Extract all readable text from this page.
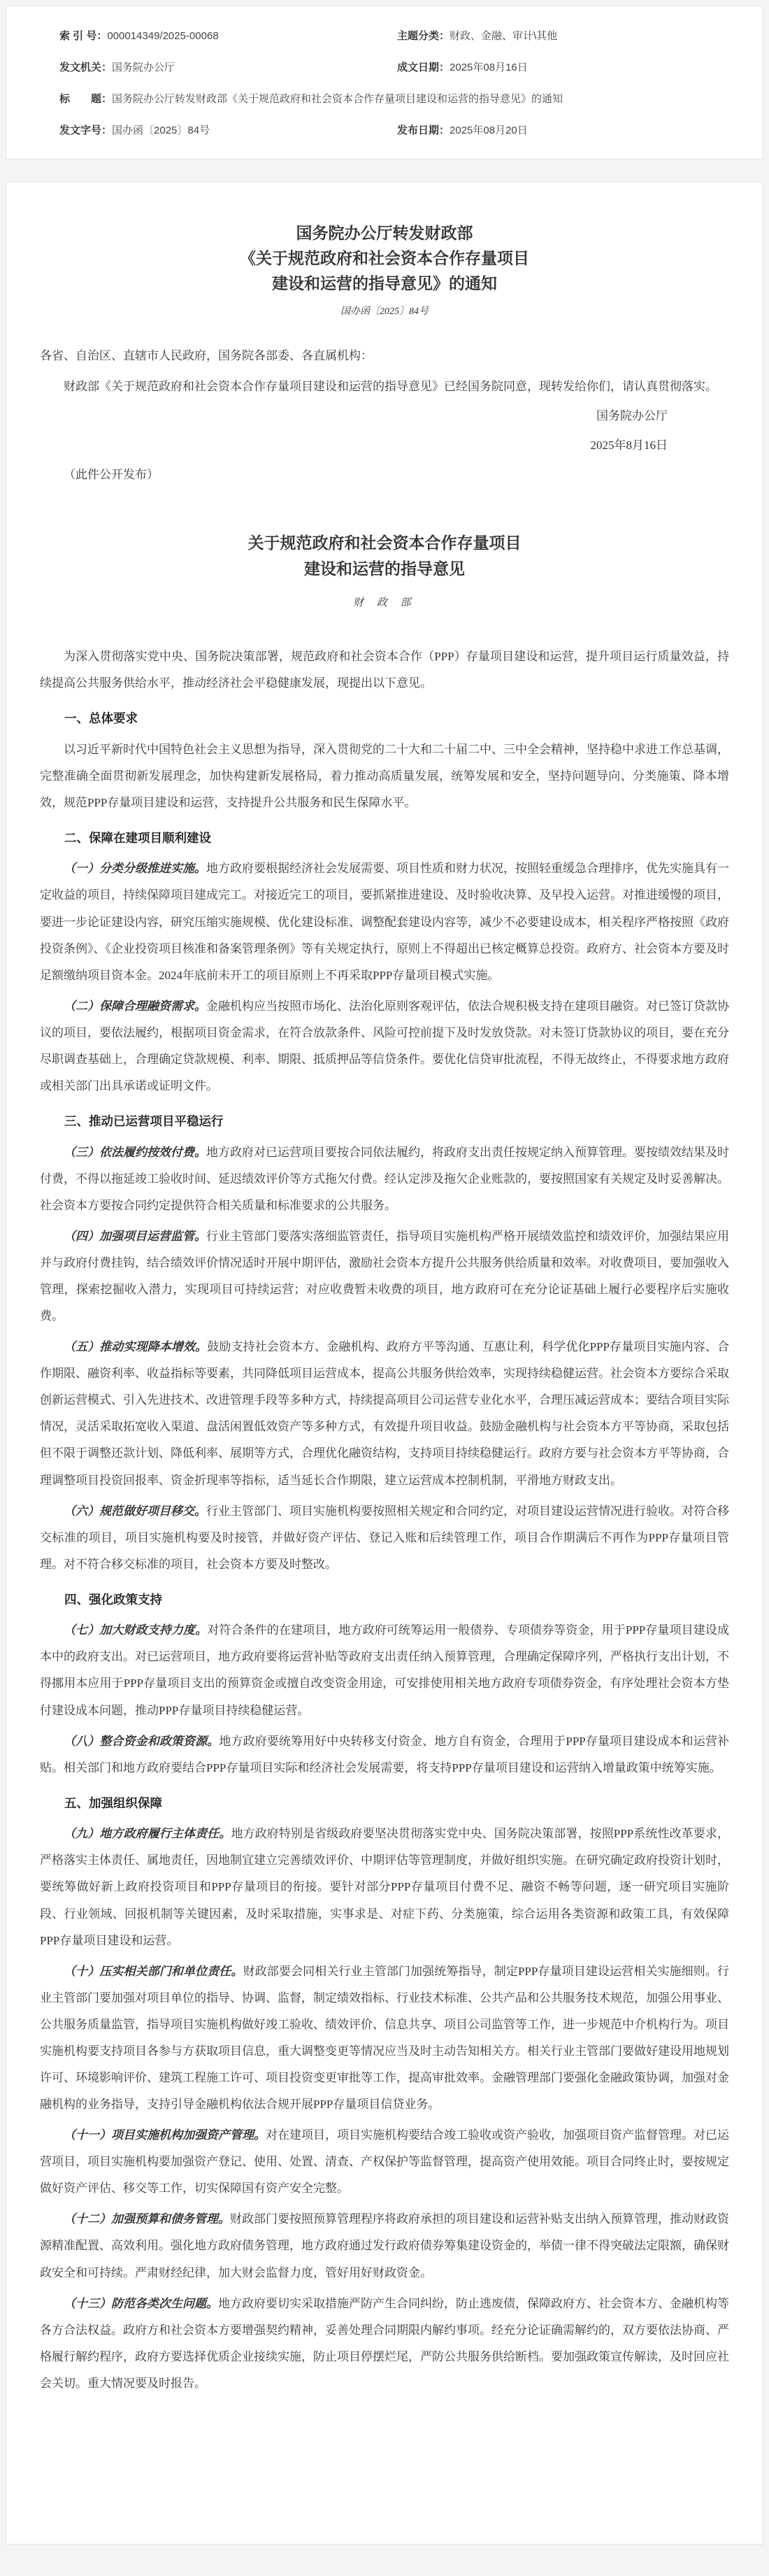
索 引 号： 000014349/2025-00068	主题分类： 财政、金融、审计\其他
发文机关： 国务院办公厅	成文日期： 2025年08月16日
标　　题： 国务院办公厅转发财政部《关于规范政府和社会资本合作存量项目建设和运营的指导意见》的通知
发文字号： 国办函〔2025〕84号	发布日期： 2025年08月20日
国务院办公厅转发财政部
《关于规范政府和社会资本合作存量项目
建设和运营的指导意见》的通知
国办函〔2025〕84号

各省、自治区、直辖市人民政府，国务院各部委、各直属机构：

财政部《关于规范政府和社会资本合作存量项目建设和运营的指导意见》已经国务院同意，现转发给你们，请认真贯彻落实。

国务院办公厅
2025年8月16日

（此件公开发布）

关于规范政府和社会资本合作存量项目
建设和运营的指导意见
财 政 部

为深入贯彻落实党中央、国务院决策部署，规范政府和社会资本合作（PPP）存量项目建设和运营，提升项目运行质量效益，持续提高公共服务供给水平，推动经济社会平稳健康发展，现提出以下意见。

一、总体要求

以习近平新时代中国特色社会主义思想为指导，深入贯彻党的二十大和二十届二中、三中全会精神，坚持稳中求进工作总基调，完整准确全面贯彻新发展理念，加快构建新发展格局，着力推动高质量发展，统筹发展和安全，坚持问题导向、分类施策、降本增效，规范PPP存量项目建设和运营，支持提升公共服务和民生保障水平。

二、保障在建项目顺利建设

（一）分类分级推进实施。地方政府要根据经济社会发展需要、项目性质和财力状况，按照轻重缓急合理排序，优先实施具有一定收益的项目，持续保障项目建成完工。对接近完工的项目，要抓紧推进建设、及时验收决算、及早投入运营。对推进缓慢的项目，要进一步论证建设内容，研究压缩实施规模、优化建设标准、调整配套建设内容等，减少不必要建设成本，相关程序严格按照《政府投资条例》、《企业投资项目核准和备案管理条例》等有关规定执行，原则上不得超出已核定概算总投资。政府方、社会资本方要及时足额缴纳项目资本金。2024年底前未开工的项目原则上不再采取PPP存量项目模式实施。

（二）保障合理融资需求。金融机构应当按照市场化、法治化原则客观评估，依法合规积极支持在建项目融资。对已签订贷款协议的项目，要依法履约，根据项目资金需求，在符合放款条件、风险可控前提下及时发放贷款。对未签订贷款协议的项目，要在充分尽职调查基础上，合理确定贷款规模、利率、期限、抵质押品等信贷条件。要优化信贷审批流程，不得无故终止，不得要求地方政府或相关部门出具承诺或证明文件。

三、推动已运营项目平稳运行

（三）依法履约按效付费。地方政府对已运营项目要按合同依法履约，将政府支出责任按规定纳入预算管理。要按绩效结果及时付费，不得以拖延竣工验收时间、延迟绩效评价等方式拖欠付费。经认定涉及拖欠企业账款的，要按照国家有关规定及时妥善解决。社会资本方要按合同约定提供符合相关质量和标准要求的公共服务。

（四）加强项目运营监管。行业主管部门要落实落细监管责任，指导项目实施机构严格开展绩效监控和绩效评价，加强结果应用并与政府付费挂钩，结合绩效评价情况适时开展中期评估，激励社会资本方提升公共服务供给质量和效率。对收费项目，要加强收入管理，探索挖掘收入潜力，实现项目可持续运营；对应收费暂未收费的项目，地方政府可在充分论证基础上履行必要程序后实施收费。

（五）推动实现降本增效。鼓励支持社会资本方、金融机构、政府方平等沟通、互惠让利，科学优化PPP存量项目实施内容、合作期限、融资利率、收益指标等要素，共同降低项目运营成本，提高公共服务供给效率，实现持续稳健运营。社会资本方要综合采取创新运营模式、引入先进技术、改进管理手段等多种方式，持续提高项目公司运营专业化水平，合理压减运营成本；要结合项目实际情况，灵活采取拓宽收入渠道、盘活闲置低效资产等多种方式，有效提升项目收益。鼓励金融机构与社会资本方平等协商，采取包括但不限于调整还款计划、降低利率、展期等方式，合理优化融资结构，支持项目持续稳健运行。政府方要与社会资本方平等协商，合理调整项目投资回报率、资金折现率等指标，适当延长合作期限，建立运营成本控制机制，平滑地方财政支出。

（六）规范做好项目移交。行业主管部门、项目实施机构要按照相关规定和合同约定，对项目建设运营情况进行验收。对符合移交标准的项目，项目实施机构要及时接管，并做好资产评估、登记入账和后续管理工作，项目合作期满后不再作为PPP存量项目管理。对不符合移交标准的项目，社会资本方要及时整改。

四、强化政策支持

（七）加大财政支持力度。对符合条件的在建项目，地方政府可统筹运用一般债券、专项债券等资金，用于PPP存量项目建设成本中的政府支出。对已运营项目，地方政府要将运营补贴等政府支出责任纳入预算管理，合理确定保障序列，严格执行支出计划，不得挪用本应用于PPP存量项目支出的预算资金或擅自改变资金用途，可安排使用相关地方政府专项债券资金，有序处理社会资本方垫付建设成本问题，推动PPP存量项目持续稳健运营。

（八）整合资金和政策资源。地方政府要统筹用好中央转移支付资金、地方自有资金，合理用于PPP存量项目建设成本和运营补贴。相关部门和地方政府要结合PPP存量项目实际和经济社会发展需要，将支持PPP存量项目建设和运营纳入增量政策中统筹实施。

五、加强组织保障

（九）地方政府履行主体责任。地方政府特别是省级政府要坚决贯彻落实党中央、国务院决策部署，按照PPP系统性改革要求，严格落实主体责任、属地责任，因地制宜建立完善绩效评价、中期评估等管理制度，并做好组织实施。在研究确定政府投资计划时，要统筹做好新上政府投资项目和PPP存量项目的衔接。要针对部分PPP存量项目付费不足、融资不畅等问题，逐一研究项目实施阶段、行业领域、回报机制等关键因素，及时采取措施，实事求是、对症下药、分类施策，综合运用各类资源和政策工具，有效保障PPP存量项目建设和运营。

（十）压实相关部门和单位责任。财政部要会同相关行业主管部门加强统筹指导，制定PPP存量项目建设运营相关实施细则。行业主管部门要加强对项目单位的指导、协调、监督，制定绩效指标、行业技术标准、公共产品和公共服务技术规范，加强公用事业、公共服务质量监管，指导项目实施机构做好竣工验收、绩效评价、信息共享、项目公司监管等工作，进一步规范中介机构行为。项目实施机构要支持项目各参与方获取项目信息，重大调整变更等情况应当及时主动告知相关方。相关行业主管部门要做好建设用地规划许可、环境影响评价、建筑工程施工许可、项目投资变更审批等工作，提高审批效率。金融管理部门要强化金融政策协调，加强对金融机构的业务指导，支持引导金融机构依法合规开展PPP存量项目信贷业务。

（十一）项目实施机构加强资产管理。对在建项目，项目实施机构要结合竣工验收或资产验收，加强项目资产监督管理。对已运营项目，项目实施机构要加强资产登记、使用、处置、清查、产权保护等监督管理，提高资产使用效能。项目合同终止时，要按规定做好资产评估、移交等工作，切实保障国有资产安全完整。

（十二）加强预算和债务管理。财政部门要按照预算管理程序将政府承担的项目建设和运营补贴支出纳入预算管理，推动财政资源精准配置、高效利用。强化地方政府债务管理，地方政府通过发行政府债券筹集建设资金的，举债一律不得突破法定限额，确保财政安全和可持续。严肃财经纪律，加大财会监督力度，管好用好财政资金。

（十三）防范各类次生问题。地方政府要切实采取措施严防产生合同纠纷，防止逃废债，保障政府方、社会资本方、金融机构等各方合法权益。政府方和社会资本方要增强契约精神，妥善处理合同期限内解约事项。经充分论证确需解约的，双方要依法协商、严格履行解约程序，政府方要选择优质企业接续实施，防止项目停摆烂尾，严防公共服务供给断档。要加强政策宣传解读，及时回应社会关切。重大情况要及时报告。
